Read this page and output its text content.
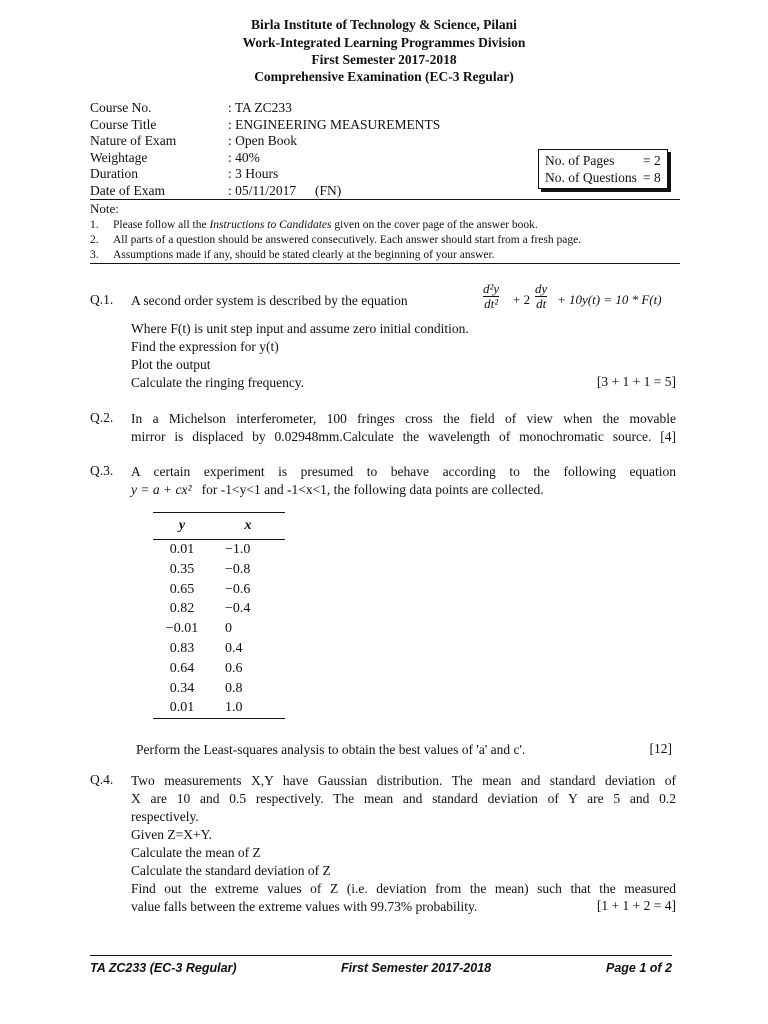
Birla Institute of Technology & Science, Pilani
Work-Integrated Learning Programmes Division
First Semester 2017-2018
Comprehensive Examination (EC-3 Regular)
Course No.	: TA ZC233
Course Title	: ENGINEERING MEASUREMENTS
Nature of Exam	: Open Book
Weightage	: 40%
Duration	: 3 Hours
Date of Exam	: 05/11/2017 (FN)
No. of Pages = 2
No. of Questions = 8
Note:
1. Please follow all the Instructions to Candidates given on the cover page of the answer book.
2. All parts of a question should be answered consecutively. Each answer should start from a fresh page.
3. Assumptions made if any, should be stated clearly at the beginning of your answer.
Q.1. A second order system is described by the equation
d²y
dt² + 2
dy
dt + 10y(t) = 10 * F(t)
Where F(t) is unit step input and assume zero initial condition.
Find the expression for y(t)
Plot the output
Calculate the ringing frequency.	[3 + 1 + 1 = 5]
Q.2. In a Michelson interferometer, 100 fringes cross the field of view when the movable
mirror is displaced by 0.02948mm.Calculate the wavelength of monochromatic source. [4]
Q.3. A certain experiment is presumed to behave according to the following equation
y = a + cx² for -1<y<1 and -1<x<1, the following data points are collected.
y	x
0.01	−1.0
0.35	−0.8
0.65	−0.6
0.82	−0.4
−0.01	0
0.83	0.4
0.64	0.6
0.34	0.8
0.01	1.0
Perform the Least-squares analysis to obtain the best values of 'a' and c'.	[12]
Q.4. Two measurements X,Y have Gaussian distribution. The mean and standard deviation of
X are 10 and 0.5 respectively. The mean and standard deviation of Y are 5 and 0.2
respectively.
Given Z=X+Y.
Calculate the mean of Z
Calculate the standard deviation of Z
Find out the extreme values of Z (i.e. deviation from the mean) such that the measured
value falls between the extreme values with 99.73% probability.	[1 + 1 + 2 = 4]
TA ZC233 (EC-3 Regular)	First Semester 2017-2018	Page 1 of 2
